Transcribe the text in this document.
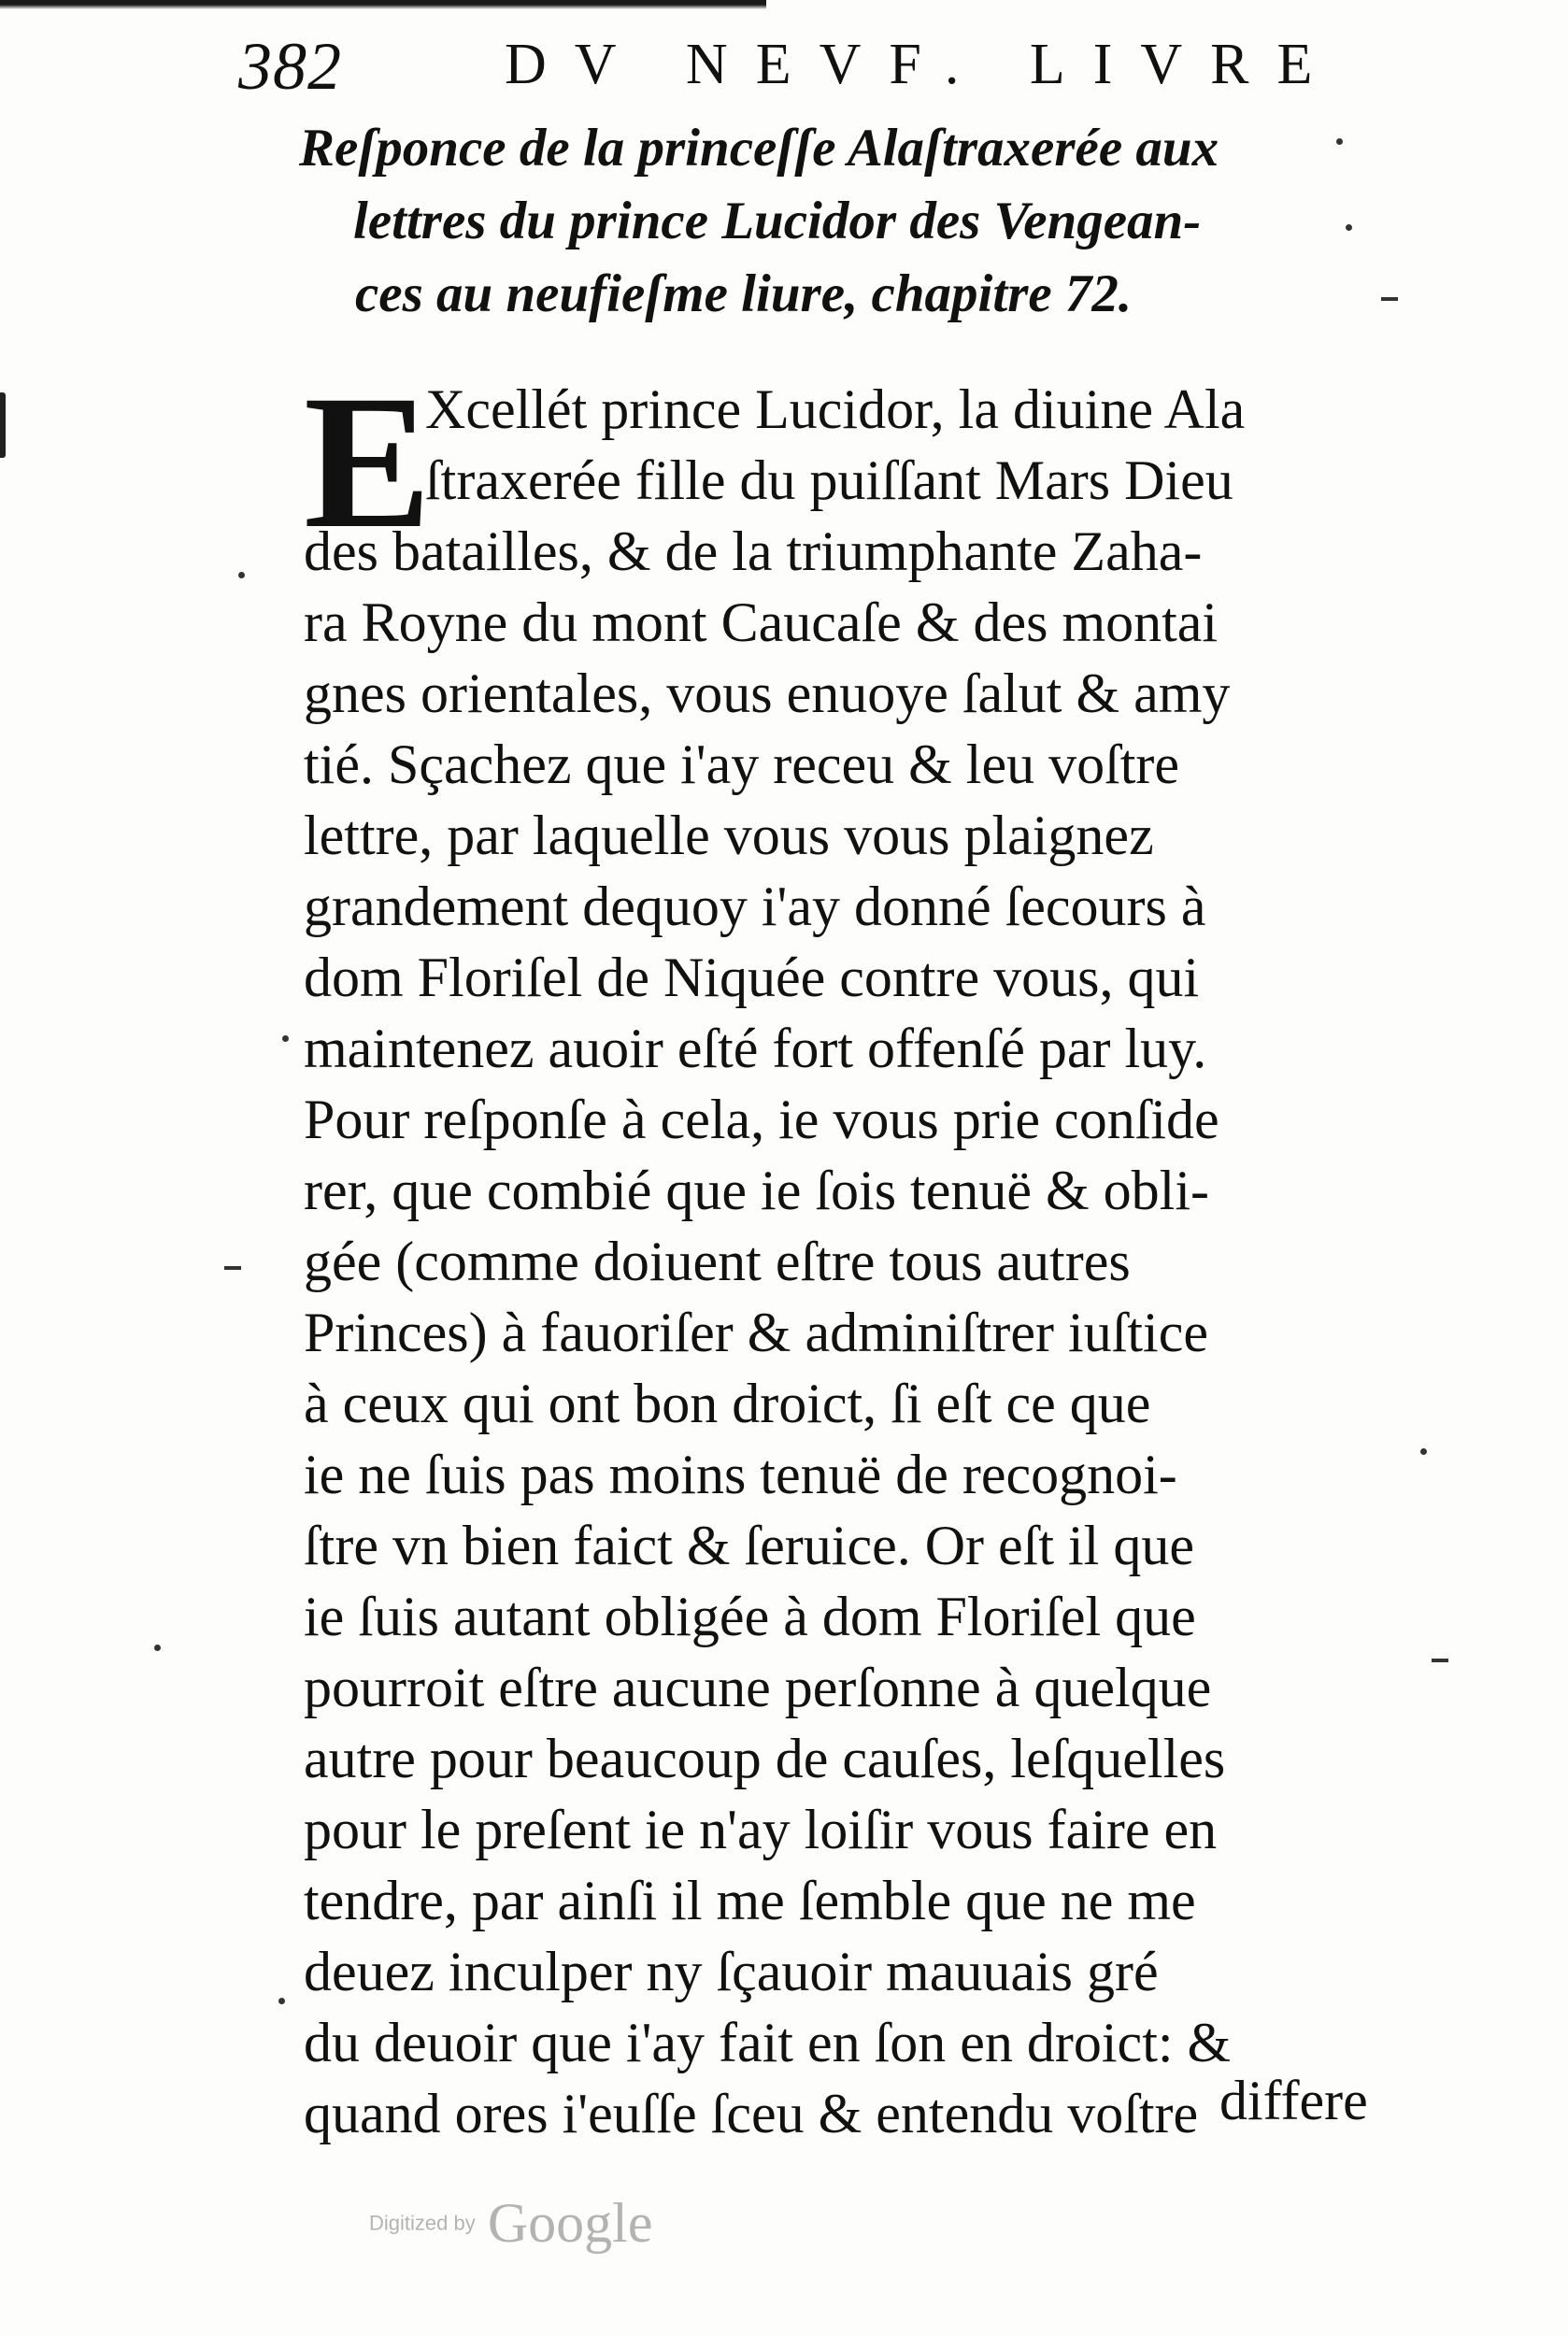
382	DV NEVF. LIVRE
Reſponce de la princeſſe Alaſtraxerée aux
lettres du prince Lucidor des Vengean-
ces au neufieſme liure, chapitre 72.
E
Xcellét prince Lucidor, la diuine Ala
ſtraxerée fille du puiſſant Mars Dieu
des batailles, & de la triumphante Zaha-
ra Royne du mont Caucaſe & des montai
gnes orientales, vous enuoye ſalut & amy
tié. Sçachez que i'ay receu & leu voſtre
lettre, par laquelle vous vous plaignez
grandement dequoy i'ay donné ſecours à
dom Floriſel de Niquée contre vous, qui
maintenez auoir eſté fort offenſé par luy.
Pour reſponſe à cela, ie vous prie conſide
rer, que combié que ie ſois tenuë & obli-
gée (comme doiuent eſtre tous autres
Princes) à fauoriſer & adminiſtrer iuſtice
à ceux qui ont bon droict, ſi eſt ce que
ie ne ſuis pas moins tenuë de recognoi-
ſtre vn bien faict & ſeruice. Or eſt il que
ie ſuis autant obligée à dom Floriſel que
pourroit eſtre aucune perſonne à quelque
autre pour beaucoup de cauſes, leſquelles
pour le preſent ie n'ay loiſir vous faire en
tendre, par ainſi il me ſemble que ne me
deuez inculper ny ſçauoir mauuais gré
du deuoir que i'ay fait en ſon en droict: &
quand ores i'euſſe ſceu & entendu voſtre differe
Digitized by Google
